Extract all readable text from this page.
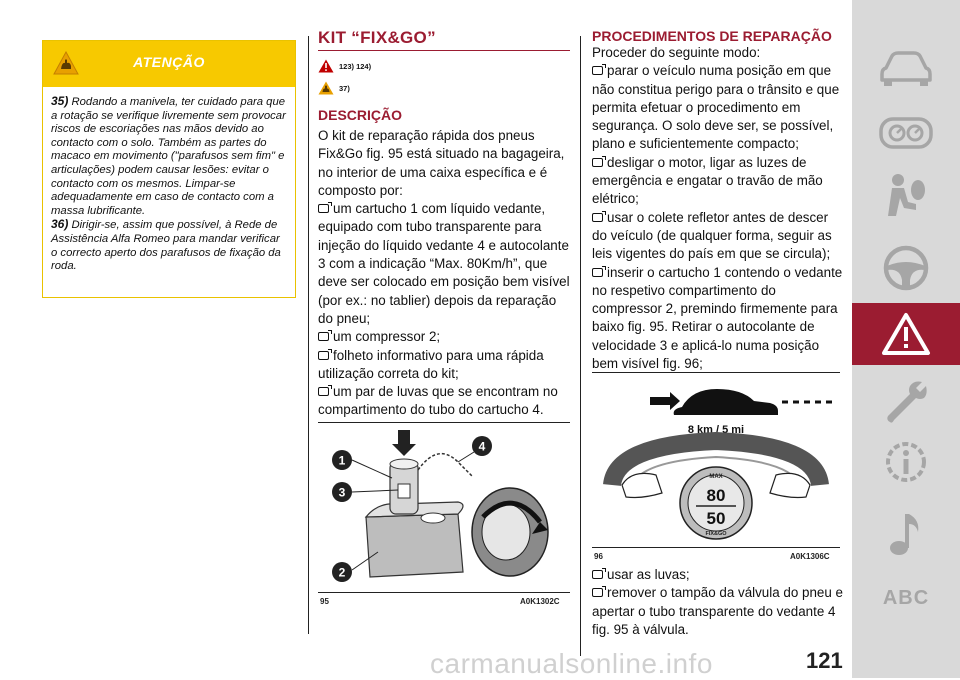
ATENÇÃO

35) Rodando a manivela, ter cuidado para que a rotação se verifique livremente sem provocar riscos de escoriações nas mãos devido ao contacto com o solo. Também as partes do macaco em movimento ("parafusos sem fim" e articulações) podem causar lesões: evitar o contacto com os mesmos. Limpar-se adequadamente em caso de contacto com a massa lubrificante.

36) Dirigir-se, assim que possível, à Rede de Assistência Alfa Romeo para mandar verificar o correcto aperto dos parafusos de fixação da roda.

KIT “FIX&GO”
123) 124)
37)
DESCRIÇÃO
O kit de reparação rápida dos pneus Fix&Go fig. 95 está situado na bagageira, no interior de uma caixa específica e é composto por:
um cartucho 1 com líquido vedante, equipado com tubo transparente para injeção do líquido vedante 4 e autocolante 3 com a indicação “Max. 80Km/h”, que deve ser colocado em posição bem visível (por ex.: no tablier) depois da reparação do pneu;
um compressor 2;
folheto informativo para uma rápida utilização correta do kit;
um par de luvas que se encontram no compartimento do tubo do cartucho 4.
1
3
2
4
95	A0K1302C
PROCEDIMENTOS DE REPARAÇÃO
Proceder do seguinte modo:
parar o veículo numa posição em que não constitua perigo para o trânsito e que permita efetuar o procedimento em segurança. O solo deve ser, se possível, plano e suficientemente compacto;
desligar o motor, ligar as luzes de emergência e engatar o travão de mão elétrico;
usar o colete refletor antes de descer do veículo (de qualquer forma, seguir as leis vigentes do país em que se circula);
inserir o cartucho 1 contendo o vedante no respetivo compartimento do compressor 2, premindo firmemente para baixo fig. 95. Retirar o autocolante de velocidade 3 e aplicá-lo numa posição bem visível fig. 96;
8 km / 5 mi
MAX
80
50
FIX&GO
96	A0K1306C
usar as luvas;
remover o tampão da válvula do pneu e apertar o tubo transparente do vedante 4 fig. 95 à válvula.
ABC
carmanualsonline.info	121
